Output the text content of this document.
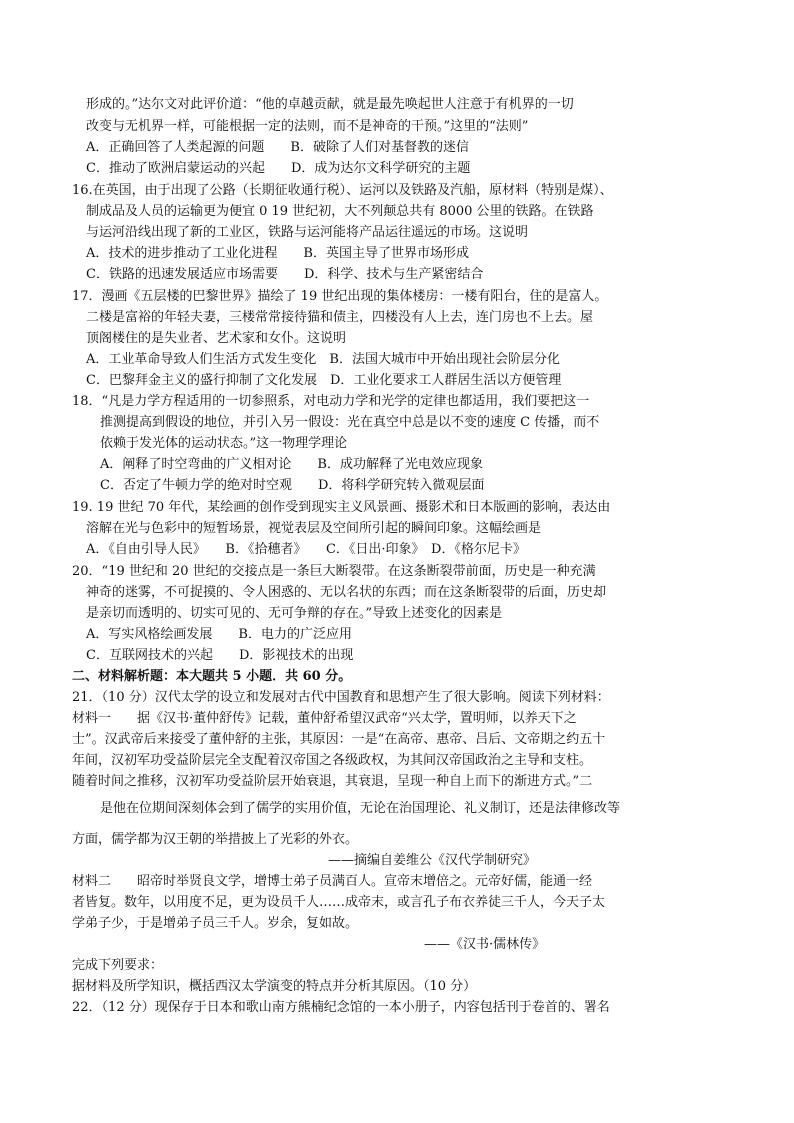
形成的。”达尔文对此评价道：“他的卓越贡献，就是最先唤起世人注意于有机界的一切
改变与无机界一样，可能根据一定的法则，而不是神奇的干预。”这里的“法则”
A．正确回答了人类起源的问题　　B．破除了人们对基督教的迷信
C．推动了欧洲启蒙运动的兴起　　D．成为达尔文科学研究的主题
16.在英国，由于出现了公路（长期征收通行税）、运河以及铁路及汽船，原材料（特别是煤）、
制成品及人员的运输更为便宜 0 19 世纪初，大不列颠总共有 8000 公里的铁路。在铁路
与运河沿线出现了新的工业区，铁路与运河能将产品运往遥远的市场。这说明
A．技术的进步推动了工业化进程　　B．英国主导了世界市场形成
C．铁路的迅速发展适应市场需要　　D．科学、技术与生产紧密结合
17．漫画《五层楼的巴黎世界》描绘了 19 世纪出现的集体楼房：一楼有阳台，住的是富人。
二楼是富裕的年轻夫妻，三楼常常接待猫和债主，四楼没有人上去，连门房也不上去。屋
顶阁楼住的是失业者、艺术家和女仆。这说明
A．工业革命导致人们生活方式发生变化　B．法国大城市中开始出现社会阶层分化
C．巴黎拜金主义的盛行抑制了文化发展　D．工业化要求工人群居生活以方便管理
18．“凡是力学方程适用的一切参照系，对电动力学和光学的定律也都适用，我们要把这一
推测提高到假设的地位，并引入另一假设：光在真空中总是以不变的速度 C 传播，而不
依赖于发光体的运动状态。”这一物理学理论
A．阐释了时空弯曲的广义相对论　　B．成功解释了光电效应现象
C．否定了牛顿力学的绝对时空观　　D．将科学研究转入微观层面
19. 19 世纪 70 年代，某绘画的创作受到现实主义风景画、摄影术和日本版画的影响，表达由
溶解在光与色彩中的短暂场景，视觉表层及空间所引起的瞬间印象。这幅绘画是
A．《自由引导人民》　　B．《拾穗者》　　C．《日出·印象》　D．《格尔尼卡》
20．“19 世纪和 20 世纪的交接点是一条巨大断裂带。在这条断裂带前面，历史是一种充满
神奇的迷雾，不可捉摸的、令人困惑的、无以名状的东西；而在这条断裂带的后面，历史却
是亲切而透明的、切实可见的、无可争辩的存在。”导致上述变化的因素是
A．写实风格绘画发展　　B．电力的广泛应用
C．互联网技术的兴起　　D．影视技术的出现
二、材料解析题：本大题共 5 小题．共 60 分。
21．（10 分）汉代太学的设立和发展对古代中国教育和思想产生了很大影响。阅读下列材料：
材料一　　据《汉书·董仲舒传》记载，董仲舒希望汉武帝“兴太学，置明师，以养天下之
士”。汉武帝后来接受了董仲舒的主张，其原因：一是“在高帝、惠帝、吕后、文帝期之约五十
年间，汉初军功受益阶层完全支配着汉帝国之各级政权，为其间汉帝国政治之主导和支柱。
随着时间之推移，汉初军功受益阶层开始衰退，其衰退，呈现一种自上而下的渐进方式。”二
是他在位期间深刻体会到了儒学的实用价值，无论在治国理论、礼义制订，还是法律修改等
方面，儒学都为汉王朝的举措披上了光彩的外衣。
——摘编自姜维公《汉代学制研究》
材料二　　昭帝时举贤良文学，增博士弟子员满百人。宣帝末增倍之。元帝好儒，能通一经
者皆复。数年，以用度不足，更为设员千人……成帝末，或言孔子布衣养徒三千人，今天子太
学弟子少，于是增弟子员三千人。岁余，复如故。
——《汉书·儒林传》
完成下列要求：
据材料及所学知识，概括西汉太学演变的特点并分析其原因。（10 分）
22．（12 分）现保存于日本和歌山南方熊楠纪念馆的一本小册子，内容包括刊于卷首的、署名
